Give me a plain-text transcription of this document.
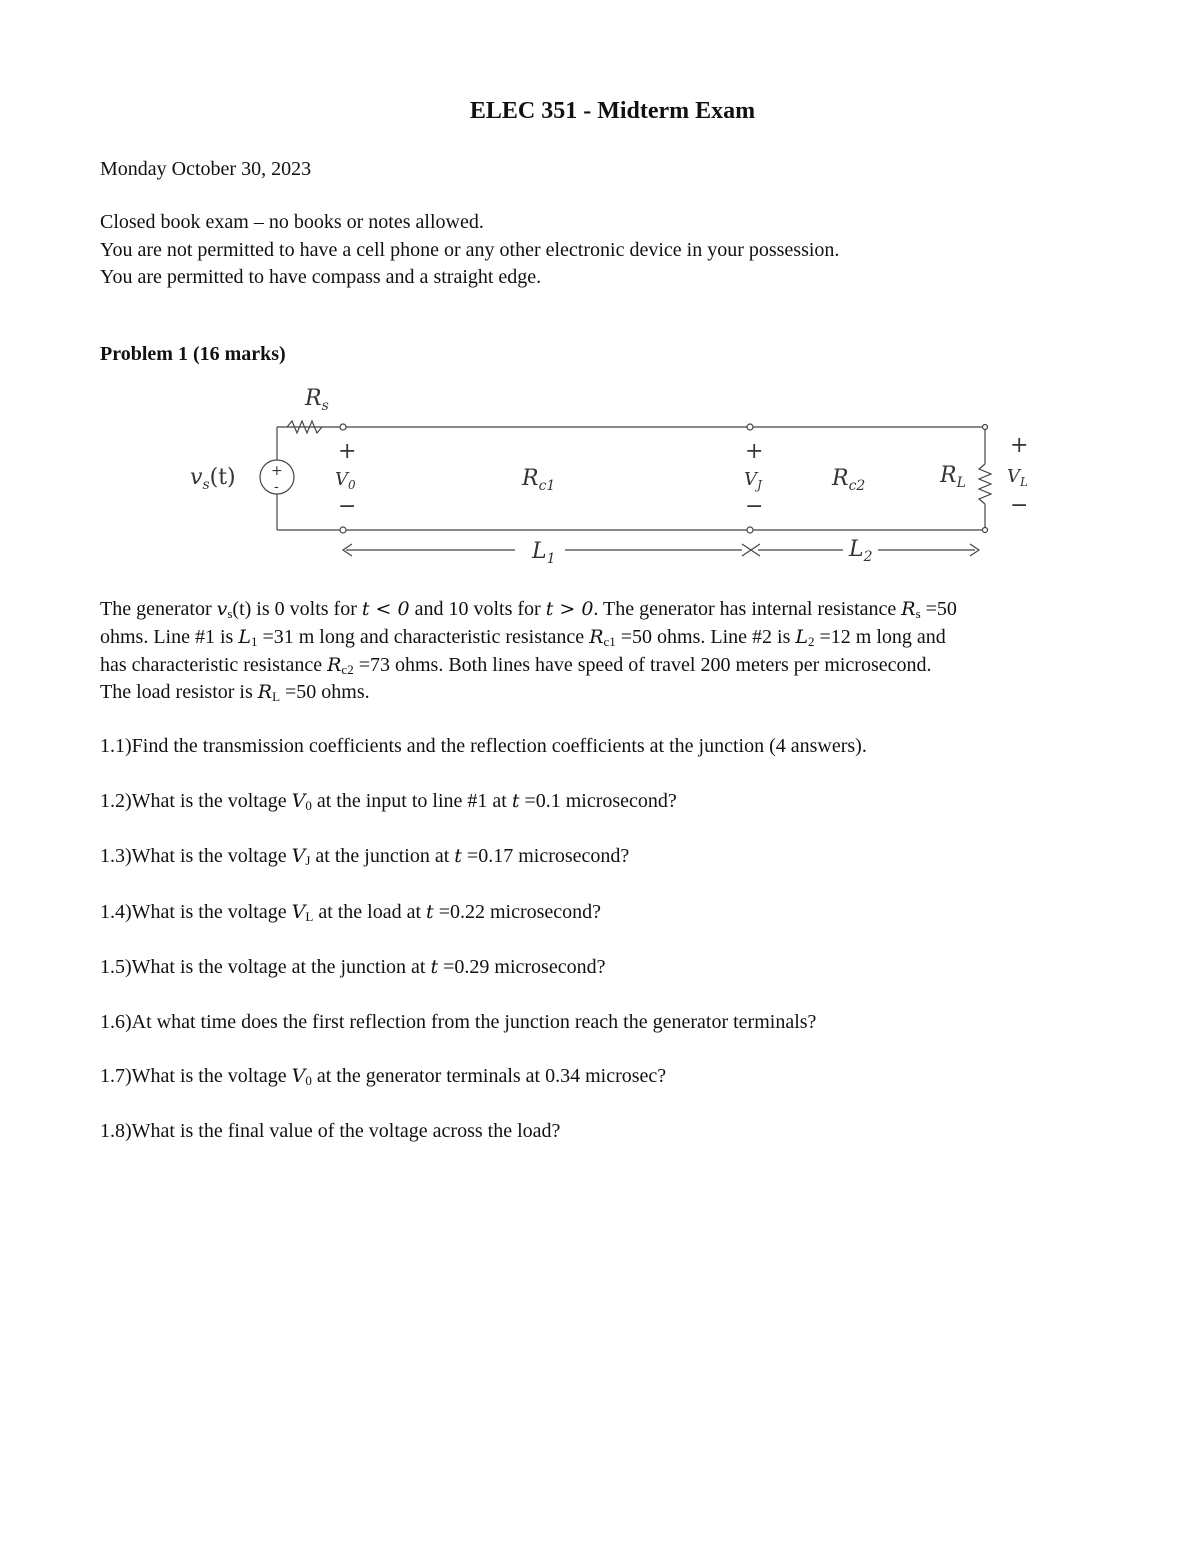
ELEC 351 - Midterm Exam
Monday October 30, 2023
Closed book exam – no books or notes allowed.
You are not permitted to have a cell phone or any other electronic device in your possession.
You are permitted to have compass and a straight edge.
Problem 1 (16 marks)
+
-
$R_s$
$v_s(t)$
+
$V_0$
−
$R_{c1}$
+
$V_J$
−
$R_{c2}$	$R_L$
+
$V_L$
−
$L_1$	$L_2$
The generator $v_s(t)$ is 0 volts for t < 0 and 10 volts for t > 0. The generator has internal resistance $R_s =50$
ohms. Line #1 is $L_1 =31$ m long and characteristic resistance $R_{c1} =50$ ohms. Line #2 is $L_2 =12$ m long and
has characteristic resistance $R_{c2} =73$ ohms. Both lines have speed of travel 200 meters per microsecond.
The load resistor is $R_L =50$ ohms.
1.1)Find the transmission coefficients and the reflection coefficients at the junction (4 answers).
1.2)What is the voltage $V_0$ at the input to line #1 at t =0.1 microsecond?
1.3)What is the voltage $V_J$ at the junction at t =0.17 microsecond?
1.4)What is the voltage $V_L$ at the load at t =0.22 microsecond?
1.5)What is the voltage at the junction at t =0.29 microsecond?
1.6)At what time does the first reflection from the junction reach the generator terminals?
1.7)What is the voltage $V_0$ at the generator terminals at 0.34 microsec?
1.8)What is the final value of the voltage across the load?
